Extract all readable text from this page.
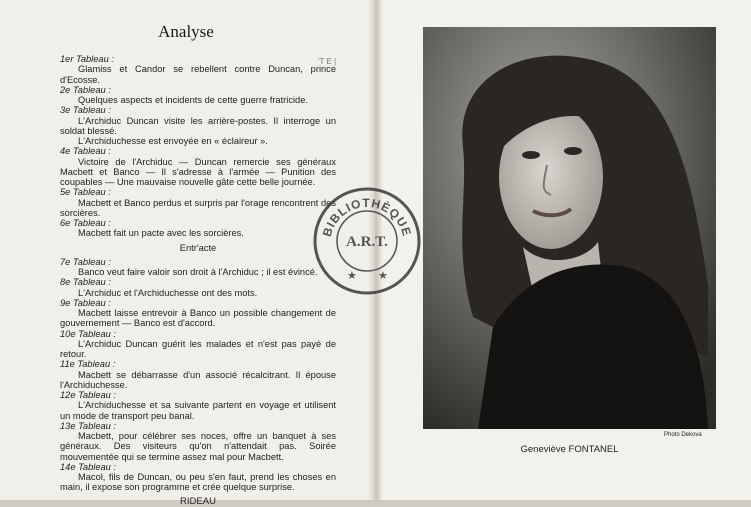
Analyse
'T E |

1er Tableau :

Glamiss et Candor se rebellent contre Duncan, prince d'Ecosse.

2e Tableau :

Quelques aspects et incidents de cette guerre fratricide.

3e Tableau :

L'Archiduc Duncan visite les arrière-postes. Il interroge un soldat blessé.

L'Archiduchesse est envoyée en « éclaireur ».

4e Tableau :

Victoire de l'Archiduc — Duncan remercie ses généraux Macbett et Banco — Il s'adresse à l'armée — Punition des coupables — Une mauvaise nouvelle gâte cette belle journée.

5e Tableau :

Macbett et Banco perdus et surpris par l'orage rencontrent des sorcières.

6e Tableau :

Macbett fait un pacte avec les sorcières.

Entr'acte

7e Tableau :

Banco veut faire valoir son droit à l'Archiduc ; il est évincé.

8e Tableau :

L'Archiduc et l'Archiduchesse ont des mots.

9e Tableau :

Macbett laisse entrevoir à Banco un possible changement de gouvernement — Banco est d'accord.

10e Tableau :

L'Archiduc Duncan guérit les malades et n'est pas payé de retour.

11e Tableau :

Macbett se débarrasse d'un associé récalcitrant. Il épouse l'Archiduchesse.

12e Tableau :

L'Archiduchesse et sa suivante partent en voyage et utilisent un mode de transport peu banal.

13e Tableau :

Macbett, pour célébrer ses noces, offre un banquet à ses généraux. Des visiteurs qu'on n'attendait pas. Soirée mouvementée qui se termine assez mal pour Macbett.

14e Tableau :

Macol, fils de Duncan, ou peu s'en faut, prend les choses en main, il expose son programme et crée quelque surprise.

RIDEAU

Photo Dekova
Geneviève FONTANEL
BIBLIOTHÈQUE
A.R.T.
★ ★
